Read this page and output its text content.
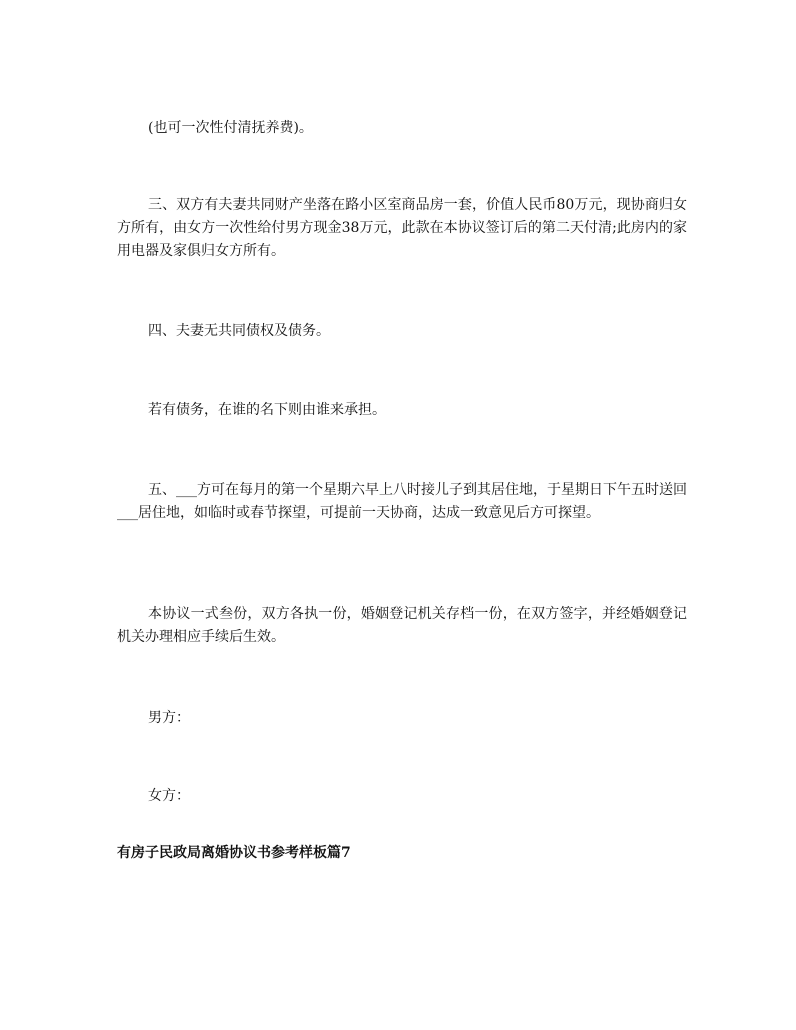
(也可一次性付清抚养费)。

三、双方有夫妻共同财产坐落在路小区室商品房一套，价值人民币80万元，现协商归女方所有，由女方一次性给付男方现金38万元，此款在本协议签订后的第二天付清;此房内的家用电器及家俱归女方所有。

四、夫妻无共同债权及债务。

若有债务，在谁的名下则由谁来承担。

五、___方可在每月的第一个星期六早上八时接儿子到其居住地，于星期日下午五时送回___居住地，如临时或春节探望，可提前一天协商，达成一致意见后方可探望。

本协议一式叁份，双方各执一份，婚姻登记机关存档一份，在双方签字，并经婚姻登记机关办理相应手续后生效。

男方：

女方：

有房子民政局离婚协议书参考样板篇7
